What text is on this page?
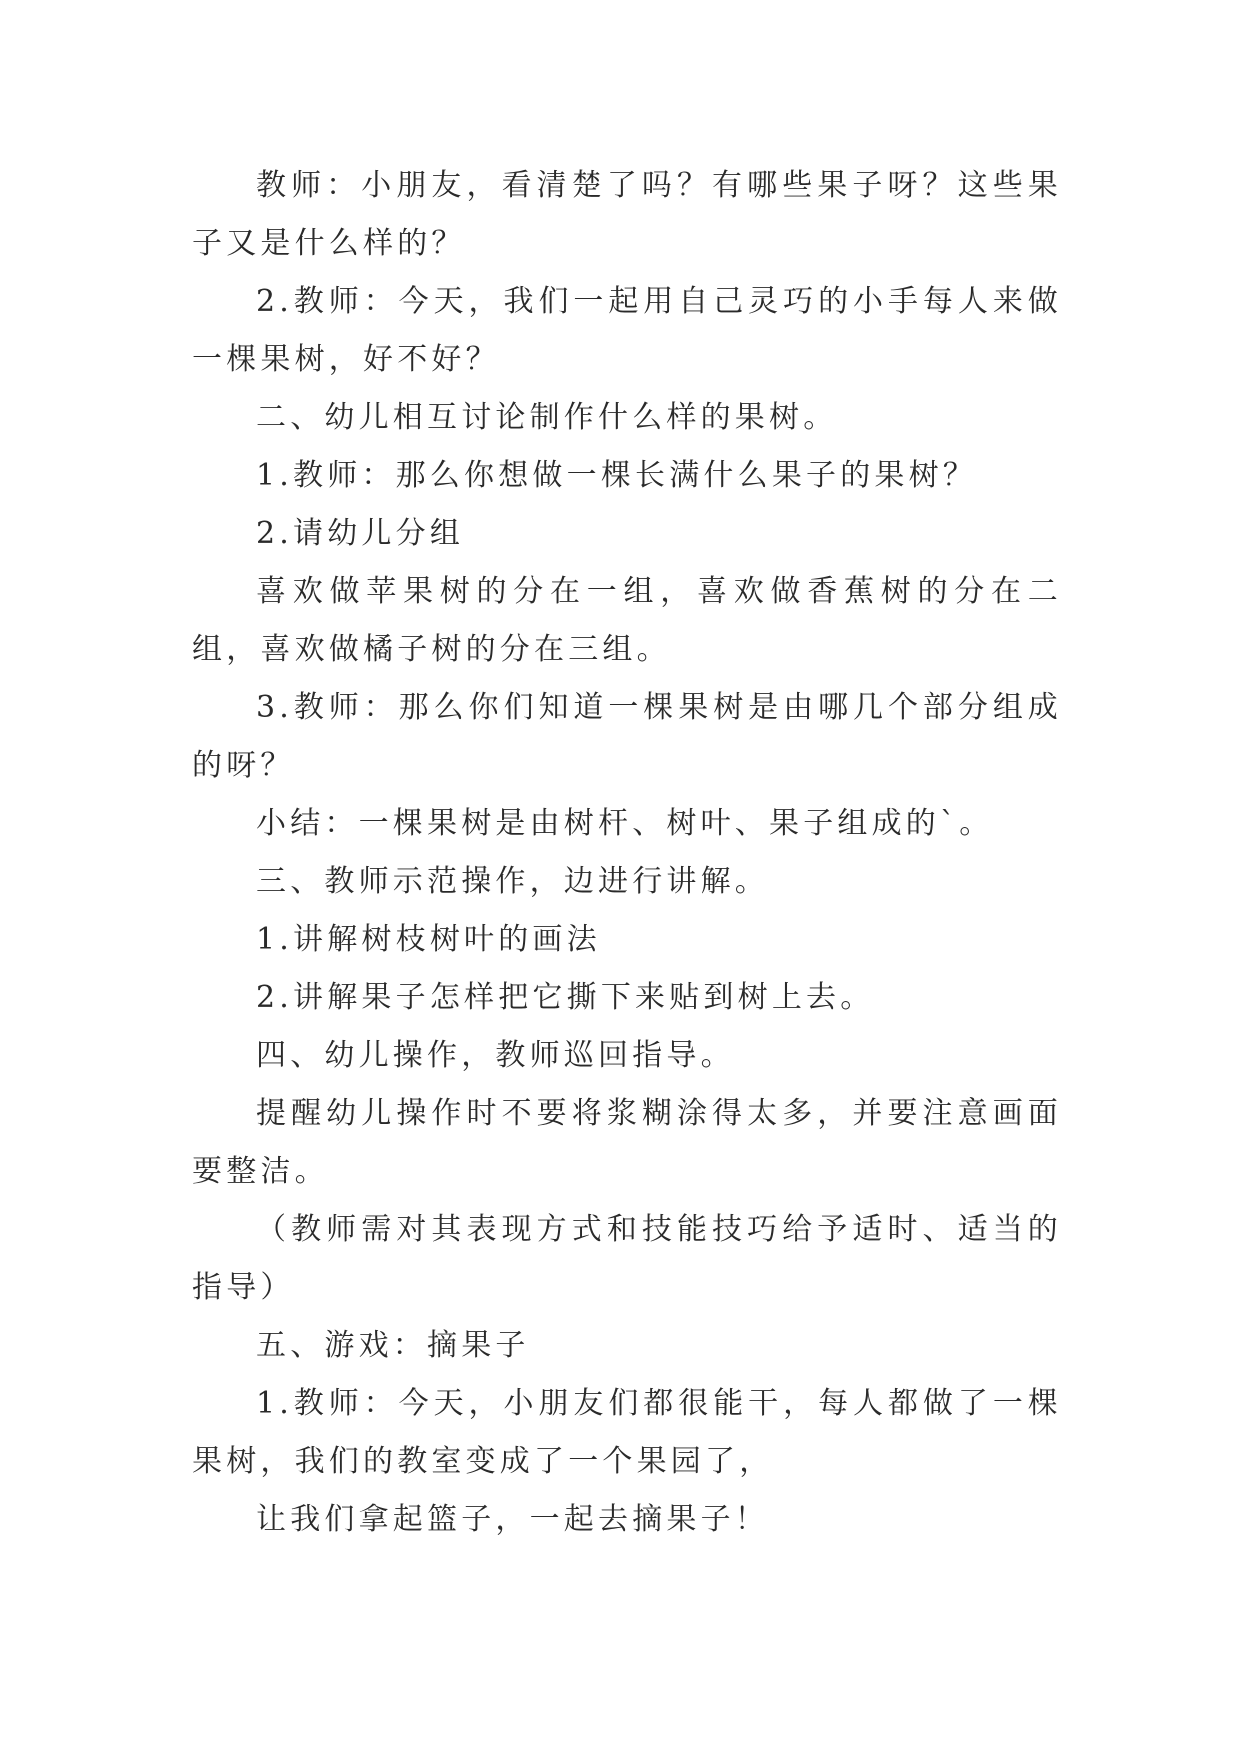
教师：小朋友，看清楚了吗？有哪些果子呀？这些果子又是什么样的？

2.教师：今天，我们一起用自己灵巧的小手每人来做一棵果树，好不好？

二、幼儿相互讨论制作什么样的果树。

1.教师：那么你想做一棵长满什么果子的果树？

2.请幼儿分组

喜欢做苹果树的分在一组，喜欢做香蕉树的分在二组，喜欢做橘子树的分在三组。

3.教师：那么你们知道一棵果树是由哪几个部分组成的呀？

小结：一棵果树是由树杆、树叶、果子组成的`。

三、教师示范操作，边进行讲解。

1.讲解树枝树叶的画法

2.讲解果子怎样把它撕下来贴到树上去。

四、幼儿操作，教师巡回指导。

提醒幼儿操作时不要将浆糊涂得太多，并要注意画面要整洁。

（教师需对其表现方式和技能技巧给予适时、适当的指导）

五、游戏：摘果子

1.教师：今天，小朋友们都很能干，每人都做了一棵果树，我们的教室变成了一个果园了，

让我们拿起篮子，一起去摘果子！
